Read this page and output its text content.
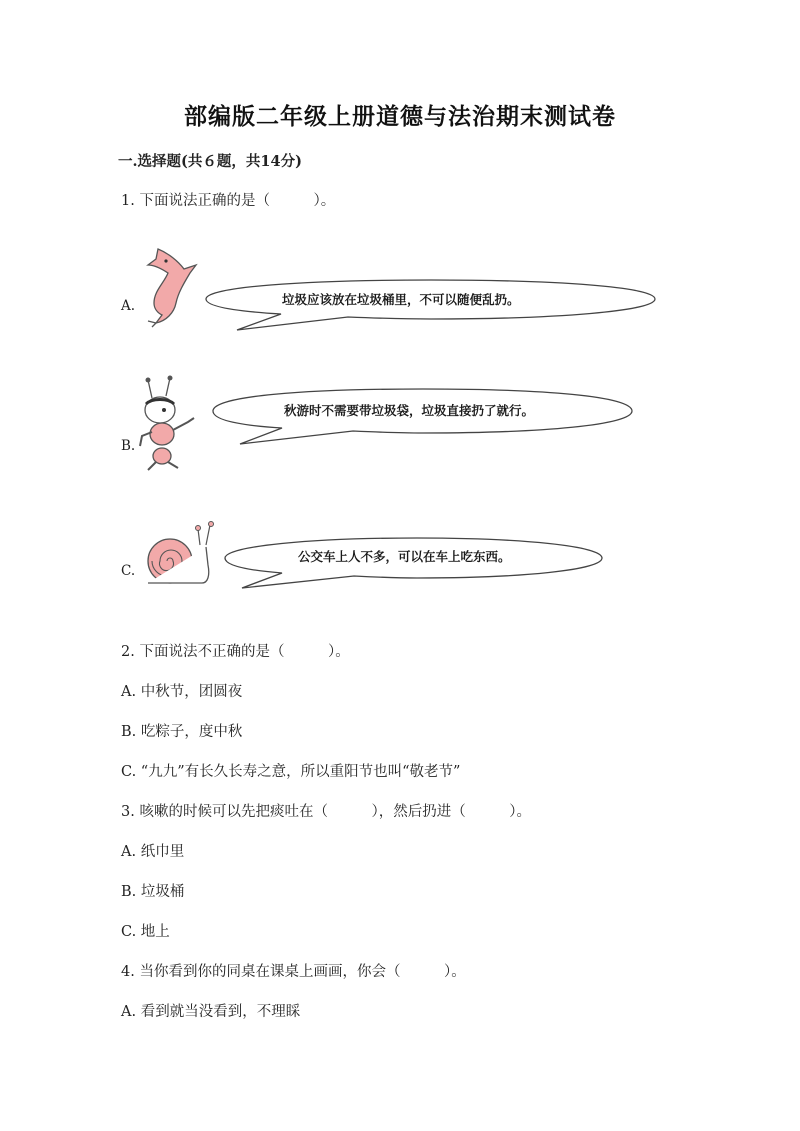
部编版二年级上册道德与法治期末测试卷
一.选择题(共６题，共14分)
1. 下面说法正确的是（　　　）。
A.	垃圾应该放在垃圾桶里，不可以随便乱扔。
B.
秋游时不需要带垃圾袋，垃圾直接扔了就行。
C.
公交车上人不多，可以在车上吃东西。
2. 下面说法不正确的是（　　　）。
A. 中秋节，团圆夜
B. 吃粽子，度中秋
C. “九九”有长久长寿之意，所以重阳节也叫“敬老节”
3. 咳嗽的时候可以先把痰吐在（　　　），然后扔进（　　　）。
A. 纸巾里
B. 垃圾桶
C. 地上
4. 当你看到你的同桌在课桌上画画，你会（　　　）。
A. 看到就当没看到，不理睬
